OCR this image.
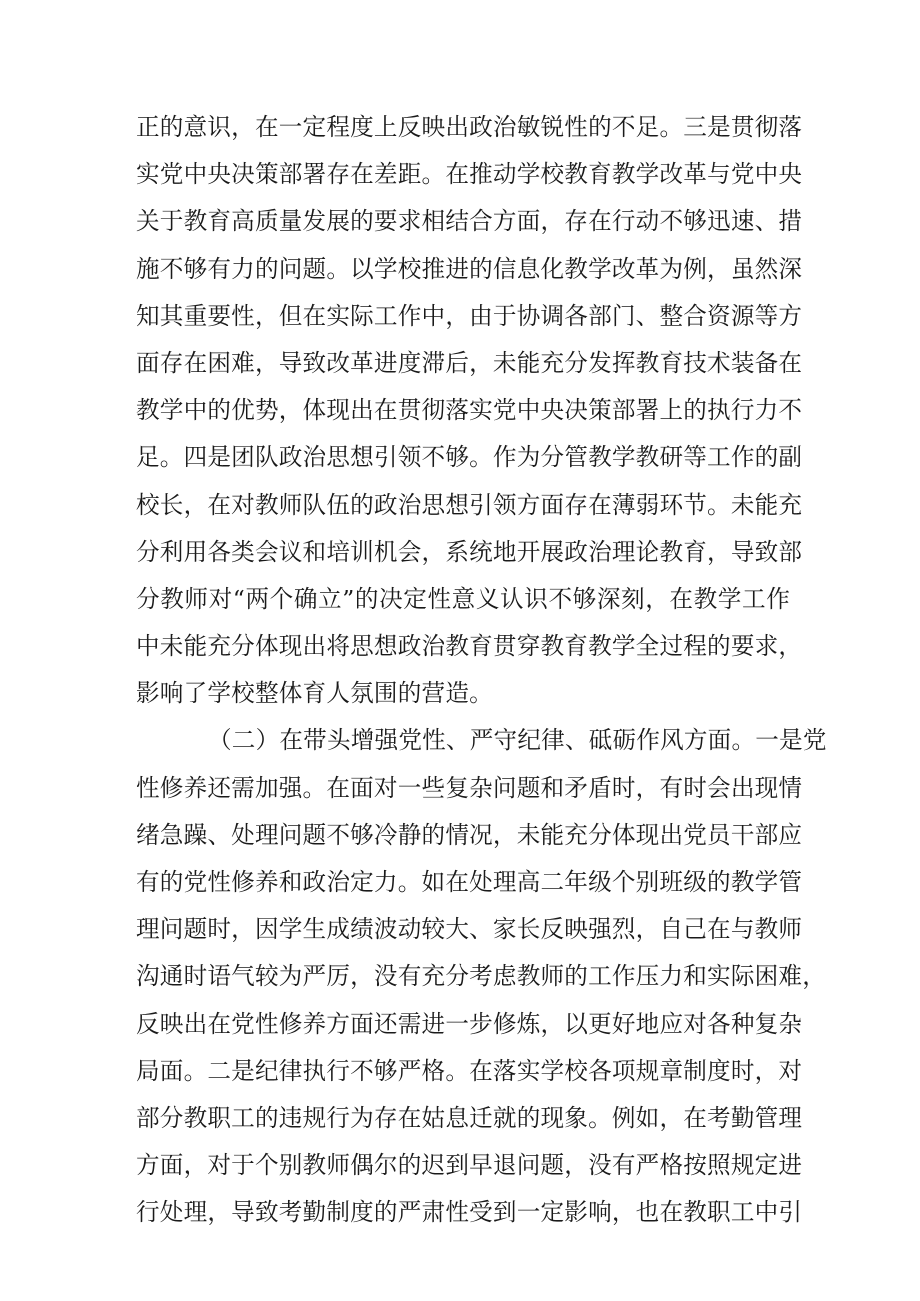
正的意识，在一定程度上反映出政治敏锐性的不足。三是贯彻落
实党中央决策部署存在差距。在推动学校教育教学改革与党中央
关于教育高质量发展的要求相结合方面，存在行动不够迅速、措
施不够有力的问题。以学校推进的信息化教学改革为例，虽然深
知其重要性，但在实际工作中，由于协调各部门、整合资源等方
面存在困难，导致改革进度滞后，未能充分发挥教育技术装备在
教学中的优势，体现出在贯彻落实党中央决策部署上的执行力不
足。四是团队政治思想引领不够。作为分管教学教研等工作的副
校长，在对教师队伍的政治思想引领方面存在薄弱环节。未能充
分利用各类会议和培训机会，系统地开展政治理论教育，导致部
分教师对“两个确立”的决定性意义认识不够深刻，在教学工作
中未能充分体现出将思想政治教育贯穿教育教学全过程的要求，
影响了学校整体育人氛围的营造。
（二）在带头增强党性、严守纪律、砥砺作风方面。一是党
性修养还需加强。在面对一些复杂问题和矛盾时，有时会出现情
绪急躁、处理问题不够冷静的情况，未能充分体现出党员干部应
有的党性修养和政治定力。如在处理高二年级个别班级的教学管
理问题时，因学生成绩波动较大、家长反映强烈，自己在与教师
沟通时语气较为严厉，没有充分考虑教师的工作压力和实际困难，
反映出在党性修养方面还需进一步修炼，以更好地应对各种复杂
局面。二是纪律执行不够严格。在落实学校各项规章制度时，对
部分教职工的违规行为存在姑息迁就的现象。例如，在考勤管理
方面，对于个别教师偶尔的迟到早退问题，没有严格按照规定进
行处理，导致考勤制度的严肃性受到一定影响，也在教职工中引
